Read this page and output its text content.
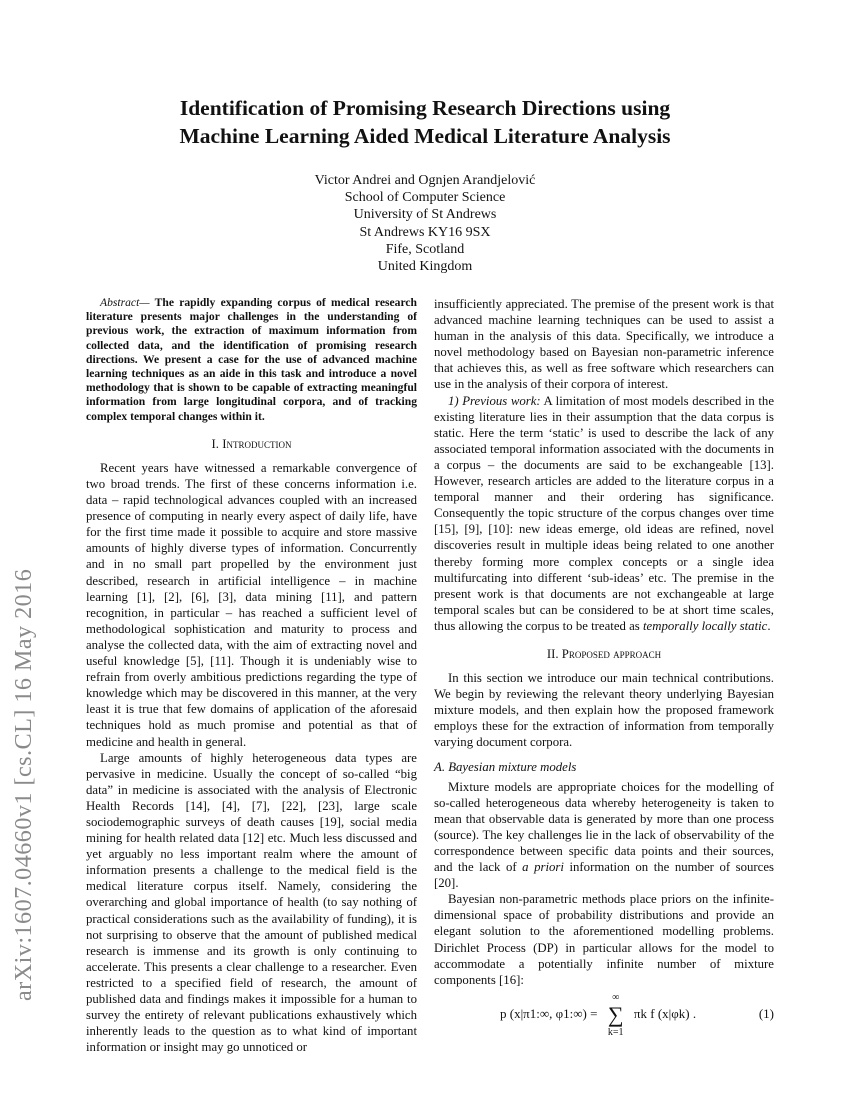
arXiv:1607.04660v1 [cs.CL] 16 May 2016
Identification of Promising Research Directions using
Machine Learning Aided Medical Literature Analysis
Victor Andrei and Ognjen Arandjelović
School of Computer Science
University of St Andrews
St Andrews KY16 9SX
Fife, Scotland
United Kingdom

Abstract— The rapidly expanding corpus of medical research literature presents major challenges in the understanding of previous work, the extraction of maximum information from collected data, and the identification of promising research directions. We present a case for the use of advanced machine learning techniques as an aide in this task and introduce a novel methodology that is shown to be capable of extracting meaningful information from large longitudinal corpora, and of tracking complex temporal changes within it.

I. Introduction

Recent years have witnessed a remarkable convergence of two broad trends. The first of these concerns information i.e. data – rapid technological advances coupled with an increased presence of computing in nearly every aspect of daily life, have for the first time made it possible to acquire and store massive amounts of highly diverse types of information. Concurrently and in no small part propelled by the environment just described, research in artificial intelligence – in machine learning [1], [2], [6], [3], data mining [11], and pattern recognition, in particular – has reached a sufficient level of methodological sophistication and maturity to process and analyse the collected data, with the aim of extracting novel and useful knowledge [5], [11]. Though it is undeniably wise to refrain from overly ambitious predictions regarding the type of knowledge which may be discovered in this manner, at the very least it is true that few domains of application of the aforesaid techniques hold as much promise and potential as that of medicine and health in general.

Large amounts of highly heterogeneous data types are pervasive in medicine. Usually the concept of so-called “big data” in medicine is associated with the analysis of Electronic Health Records [14], [4], [7], [22], [23], large scale sociodemographic surveys of death causes [19], social media mining for health related data [12] etc. Much less discussed and yet arguably no less important realm where the amount of information presents a challenge to the medical field is the medical literature corpus itself. Namely, considering the overarching and global importance of health (to say nothing of practical considerations such as the availability of funding), it is not surprising to observe that the amount of published medical research is immense and its growth is only continuing to accelerate. This presents a clear challenge to a researcher. Even restricted to a specified field of research, the amount of published data and findings makes it impossible for a human to survey the entirety of relevant publications exhaustively which inherently leads to the question as to what kind of important information or insight may go unnoticed or

insufficiently appreciated. The premise of the present work is that advanced machine learning techniques can be used to assist a human in the analysis of this data. Specifically, we introduce a novel methodology based on Bayesian non-parametric inference that achieves this, as well as free software which researchers can use in the analysis of their corpora of interest.

1) Previous work: A limitation of most models described in the existing literature lies in their assumption that the data corpus is static. Here the term ‘static’ is used to describe the lack of any associated temporal information associated with the documents in a corpus – the documents are said to be exchangeable [13]. However, research articles are added to the literature corpus in a temporal manner and their ordering has significance. Consequently the topic structure of the corpus changes over time [15], [9], [10]: new ideas emerge, old ideas are refined, novel discoveries result in multiple ideas being related to one another thereby forming more complex concepts or a single idea multifurcating into different ‘sub-ideas’ etc. The premise in the present work is that documents are not exchangeable at large temporal scales but can be considered to be at short time scales, thus allowing the corpus to be treated as temporally locally static.

II. Proposed approach

In this section we introduce our main technical contributions. We begin by reviewing the relevant theory underlying Bayesian mixture models, and then explain how the proposed framework employs these for the extraction of information from temporally varying document corpora.

A. Bayesian mixture models

Mixture models are appropriate choices for the modelling of so-called heterogeneous data whereby heterogeneity is taken to mean that observable data is generated by more than one process (source). The key challenges lie in the lack of observability of the correspondence between specific data points and their sources, and the lack of a priori information on the number of sources [20].

Bayesian non-parametric methods place priors on the infinite-dimensional space of probability distributions and provide an elegant solution to the aforementioned modelling problems. Dirichlet Process (DP) in particular allows for the model to accommodate a potentially infinite number of mixture components [16]:

p (x|π1:∞, φ1:∞) =
∞
∑
k=1
πk f (x|φk) .	(1)
